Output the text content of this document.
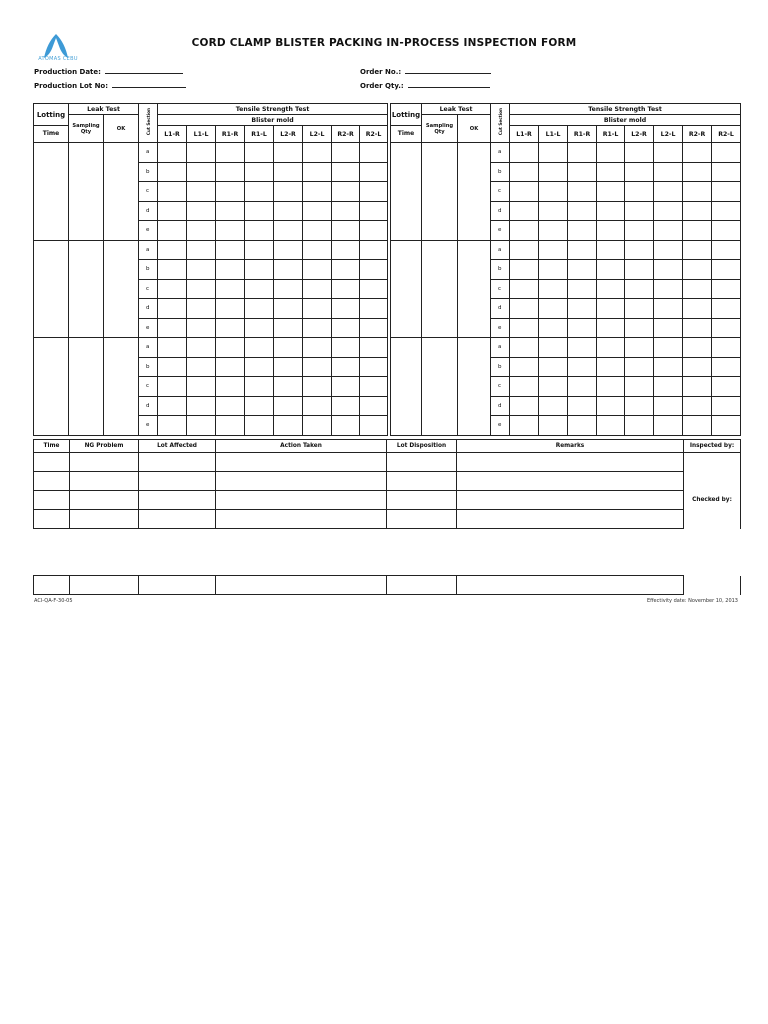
ATOMAS CEBU
CORD CLAMP BLISTER PACKING IN-PROCESS INSPECTION FORM
Production Date:
Production Lot No:
Order No.:
Order Qty.:
Lotting	Leak Test		Cut Section	Tensile Strength Test							
	Sampling Qty	OK		Blister mold							
Time				L1-R	L1-L	R1-R	R1-L	L2-R	L2-L	R2-R	R2-L
			a								
			b								
			c								
			d								
			e								
			a								
			b								
			c								
			d								
			e								
			a								
			b								
			c								
			d								
			e								
Lotting	Leak Test		Cut Section	Tensile Strength Test							
	Sampling Qty	OK		Blister mold							
Time				L1-R	L1-L	R1-R	R1-L	L2-R	L2-L	R2-R	R2-L
			a								
			b								
			c								
			d								
			e								
			a								
			b								
			c								
			d								
			e								
			a								
			b								
			c								
			d								
			e								
Time	NG Problem	Lot Affected	Action Taken	Lot Disposition	Remarks	Inspected by:

						Checked by:

ACI-QA-F-30-05	Effectivity date: November 10, 2013
